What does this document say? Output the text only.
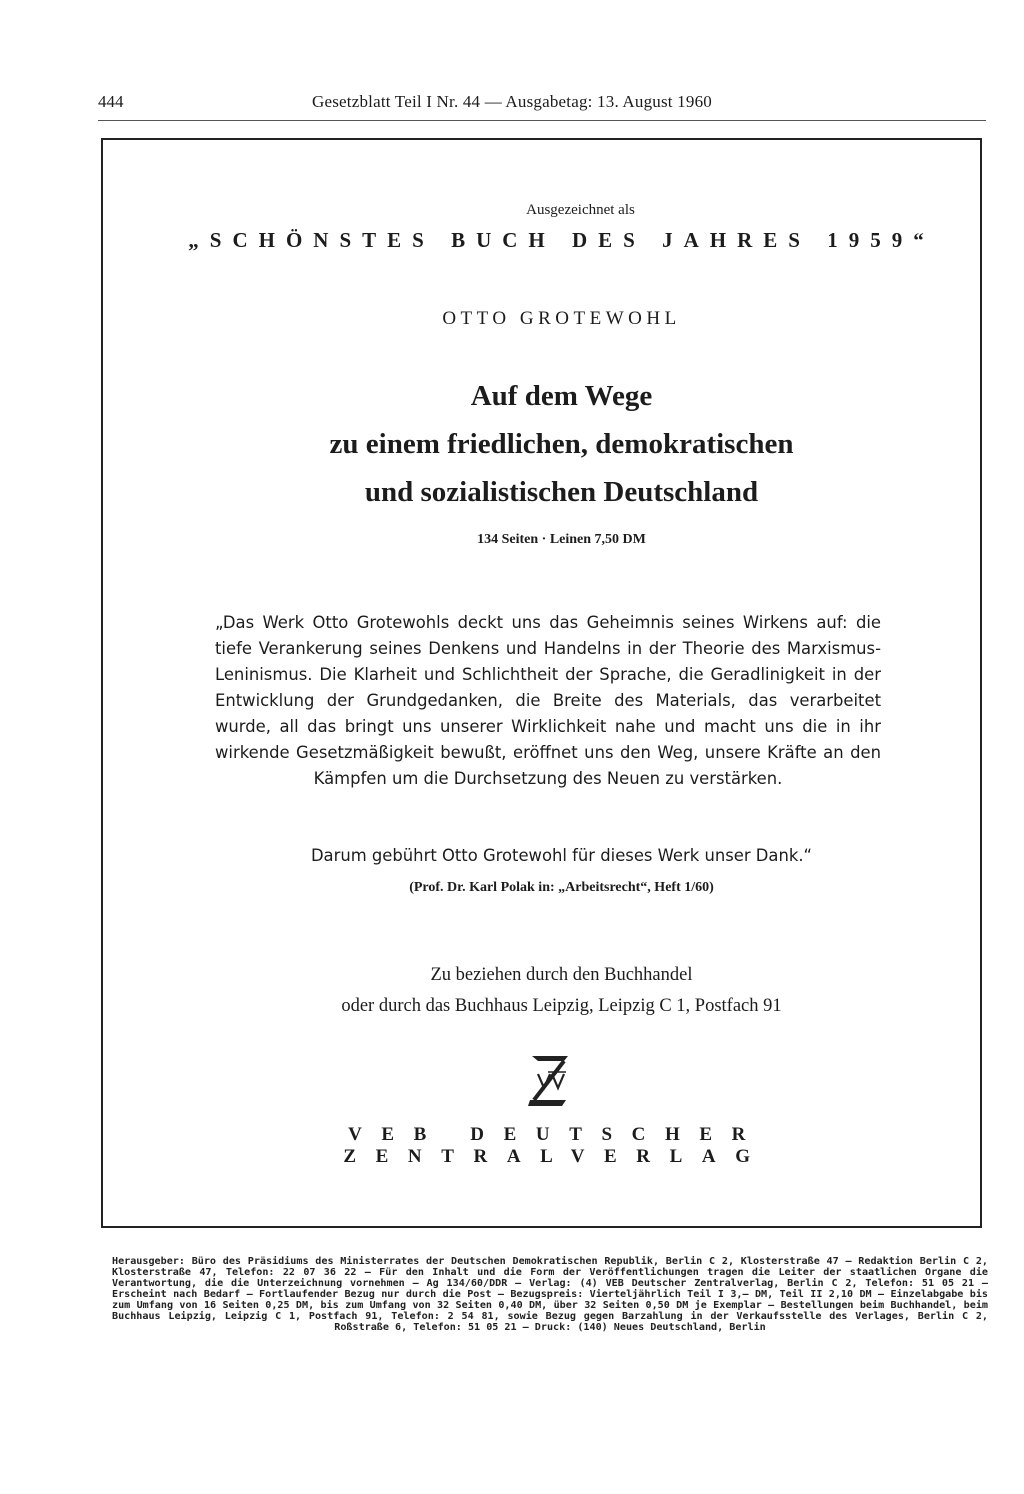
444	Gesetzblatt Teil I Nr. 44 — Ausgabetag: 13. August 1960
Ausgezeichnet als
„SCHÖNSTES BUCH DES JAHRES 1959“
OTTO GROTEWOHL
Auf dem Wege
zu einem friedlichen, demokratischen
und sozialistischen Deutschland
134 Seiten · Leinen 7,50 DM
„Das Werk Otto Grotewohls deckt uns das Geheimnis seines Wirkens auf: die tiefe Verankerung seines Denkens und Handelns in der Theorie des Marxismus-Leninismus. Die Klarheit und Schlichtheit der Sprache, die Geradlinigkeit in der Entwicklung der Grundgedanken, die Breite des Materials, das verarbeitet wurde, all das bringt uns unserer Wirklichkeit nahe und macht uns die in ihr wirkende Gesetzmäßigkeit bewußt, eröffnet uns den Weg, unsere Kräfte an den Kämpfen um die Durchsetzung des Neuen zu verstärken.
Darum gebührt Otto Grotewohl für dieses Werk unser Dank.“
(Prof. Dr. Karl Polak in: „Arbeitsrecht“, Heft 1/60)
Zu beziehen durch den Buchhandel
oder durch das Buchhaus Leipzig, Leipzig C 1, Postfach 91
VEB DEUTSCHER ZENTRALVERLAG
Herausgeber: Büro des Präsidiums des Ministerrates der Deutschen Demokratischen Republik, Berlin C 2, Klosterstraße 47 — Redaktion Berlin C 2, Klosterstraße 47, Telefon: 22 07 36 22 — Für den Inhalt und die Form der Veröffentlichungen tragen die Leiter der staatlichen Organe die Verantwortung, die die Unterzeichnung vornehmen — Ag 134/60/DDR — Verlag: (4) VEB Deutscher Zentralverlag, Berlin C 2, Telefon: 51 05 21 — Erscheint nach Bedarf — Fortlaufender Bezug nur durch die Post — Bezugspreis: Vierteljährlich Teil I 3,— DM, Teil II 2,10 DM — Einzelabgabe bis zum Umfang von 16 Seiten 0,25 DM, bis zum Umfang von 32 Seiten 0,40 DM, über 32 Seiten 0,50 DM je Exemplar — Bestellungen beim Buchhandel, beim Buchhaus Leipzig, Leipzig C 1, Postfach 91, Telefon: 2 54 81, sowie Bezug gegen Barzahlung in der Verkaufsstelle des Verlages, Berlin C 2, Roßstraße 6, Telefon: 51 05 21 — Druck: (140) Neues Deutschland, Berlin
